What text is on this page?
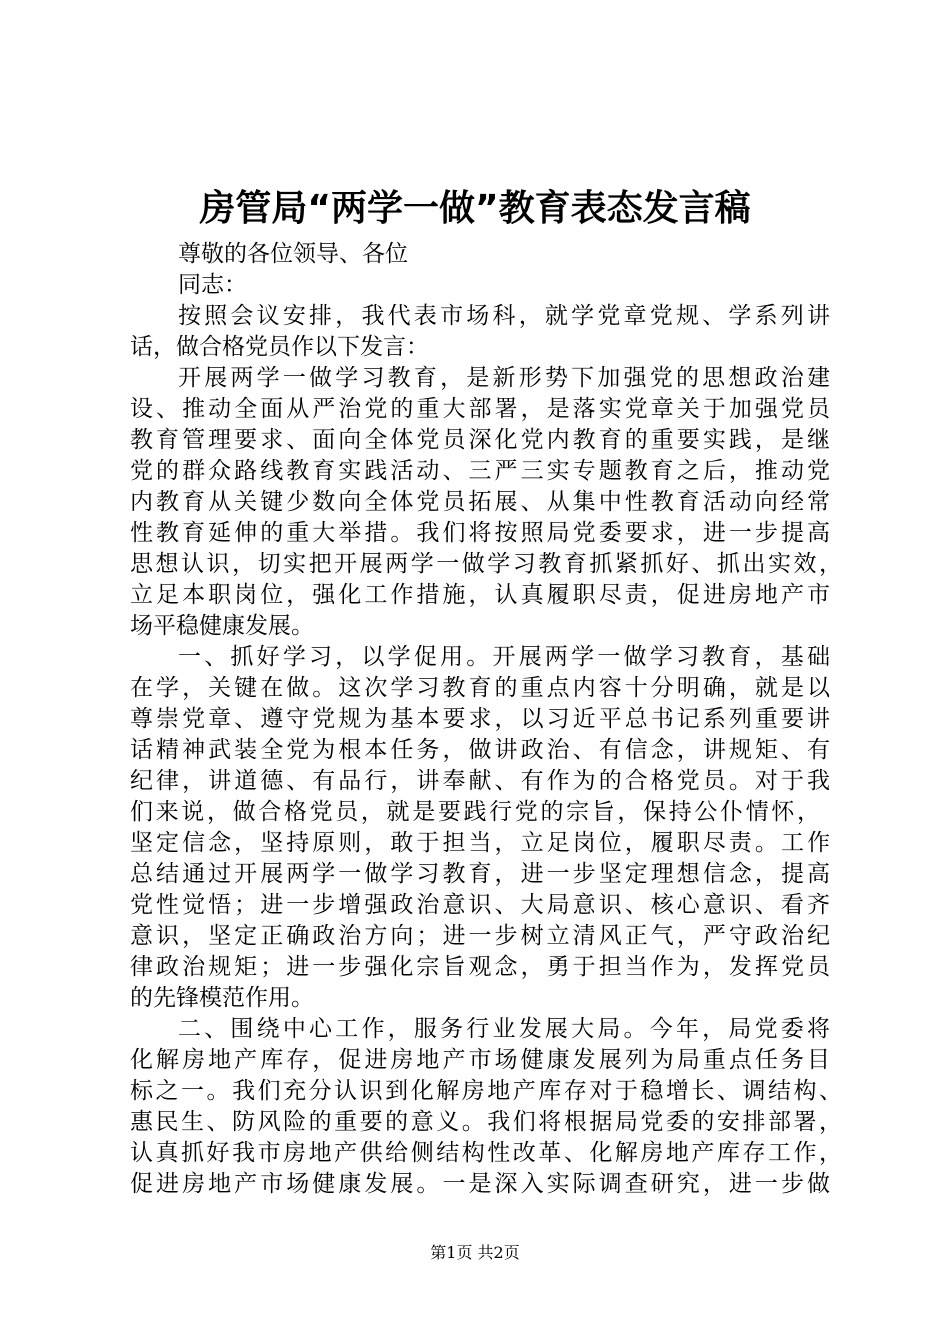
房管局“两学一做”教育表态发言稿
尊敬的各位领导、各位
同志：
按照会议安排，我代表市场科，就学党章党规、学系列讲
话，做合格党员作以下发言：
开展两学一做学习教育，是新形势下加强党的思想政治建
设、推动全面从严治党的重大部署，是落实党章关于加强党员
教育管理要求、面向全体党员深化党内教育的重要实践，是继
党的群众路线教育实践活动、三严三实专题教育之后，推动党
内教育从关键少数向全体党员拓展、从集中性教育活动向经常
性教育延伸的重大举措。我们将按照局党委要求，进一步提高
思想认识，切实把开展两学一做学习教育抓紧抓好、抓出实效，
立足本职岗位，强化工作措施，认真履职尽责，促进房地产市
场平稳健康发展。
一、抓好学习，以学促用。开展两学一做学习教育，基础
在学，关键在做。这次学习教育的重点内容十分明确，就是以
尊崇党章、遵守党规为基本要求，以习近平总书记系列重要讲
话精神武装全党为根本任务，做讲政治、有信念，讲规矩、有
纪律，讲道德、有品行，讲奉献、有作为的合格党员。对于我
们来说，做合格党员，就是要践行党的宗旨，保持公仆情怀，
坚定信念，坚持原则，敢于担当，立足岗位，履职尽责。工作
总结通过开展两学一做学习教育，进一步坚定理想信念，提高
党性觉悟；进一步增强政治意识、大局意识、核心意识、看齐
意识，坚定正确政治方向；进一步树立清风正气，严守政治纪
律政治规矩；进一步强化宗旨观念，勇于担当作为，发挥党员
的先锋模范作用。
二、围绕中心工作，服务行业发展大局。今年，局党委将
化解房地产库存，促进房地产市场健康发展列为局重点任务目
标之一。我们充分认识到化解房地产库存对于稳增长、调结构、
惠民生、防风险的重要的意义。我们将根据局党委的安排部署，
认真抓好我市房地产供给侧结构性改革、化解房地产库存工作，
促进房地产市场健康发展。一是深入实际调查研究，进一步做
第1页 共2页
